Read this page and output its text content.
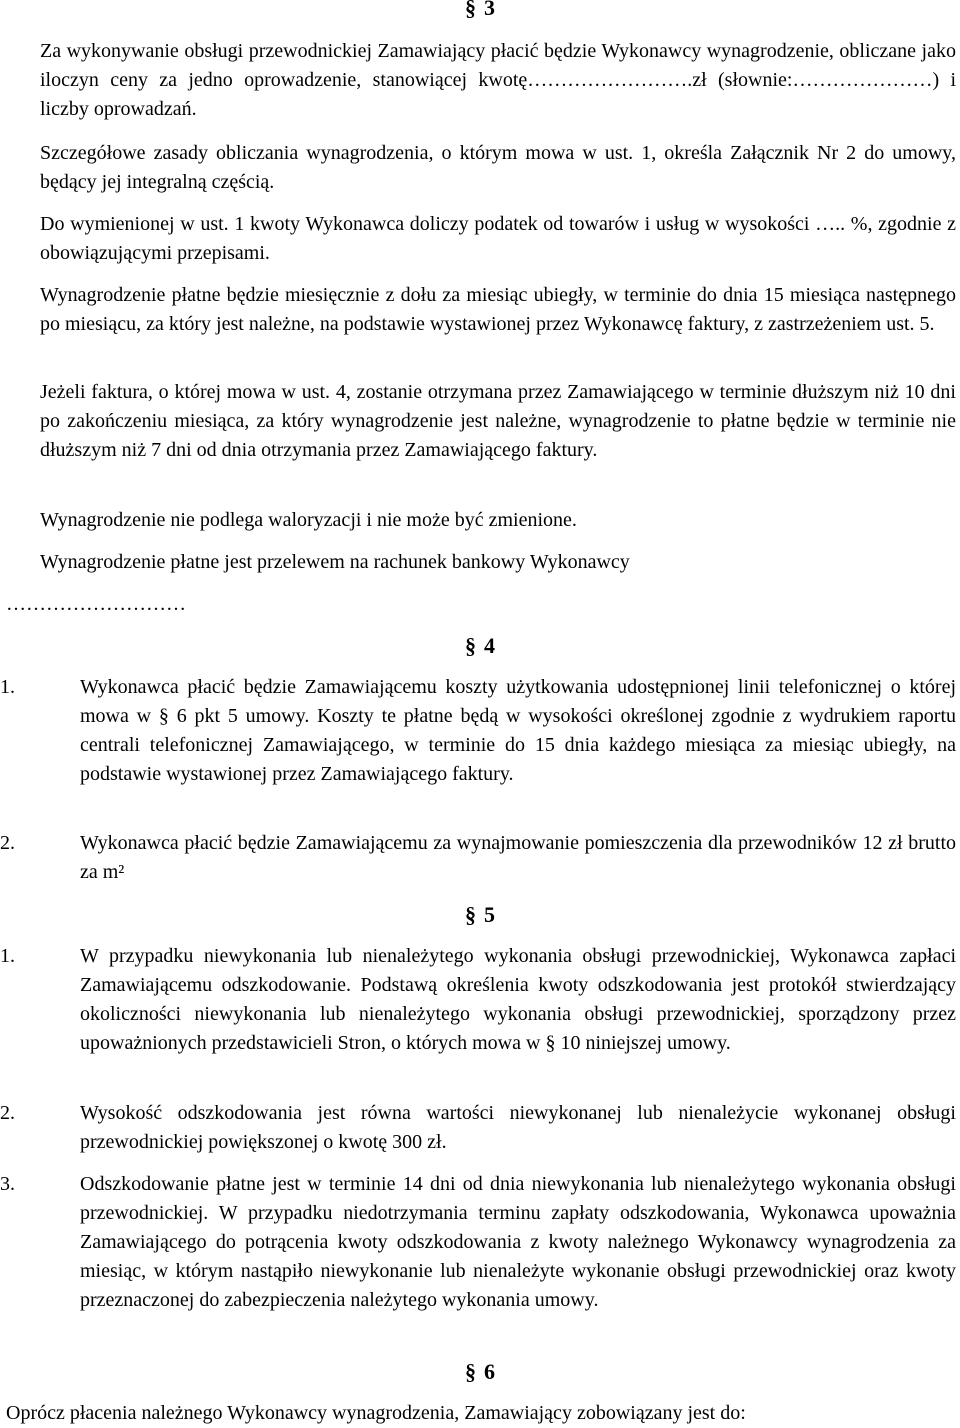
§ 3

Za wykonywanie obsługi przewodnickiej Zamawiający płacić będzie Wykonawcy wynagrodzenie, obliczane jako iloczyn ceny za jedno oprowadzenie, stanowiącej kwotę…………………….zł (słownie:…………………) i liczby oprowadzań.

Szczegółowe zasady obliczania wynagrodzenia, o którym mowa w ust. 1, określa Załącznik Nr 2 do umowy, będący jej integralną częścią.

Do wymienionej w ust. 1 kwoty Wykonawca doliczy podatek od towarów i usług w wysokości ….. %, zgodnie z obowiązującymi przepisami.

Wynagrodzenie płatne będzie miesięcznie z dołu za miesiąc ubiegły, w terminie do dnia 15 miesiąca następnego po miesiącu, za który jest należne, na podstawie wystawionej przez Wykonawcę faktury, z zastrzeżeniem ust. 5.

Jeżeli faktura, o której mowa w ust. 4, zostanie otrzymana przez Zamawiającego w terminie dłuższym niż 10 dni po zakończeniu miesiąca, za który wynagrodzenie jest należne, wynagrodzenie to płatne będzie w terminie nie dłuższym niż 7 dni od dnia otrzymania przez Zamawiającego faktury.

Wynagrodzenie nie podlega waloryzacji i nie może być zmienione.

Wynagrodzenie płatne jest przelewem na rachunek bankowy Wykonawcy

………………………

§ 4

1.	Wykonawca płacić będzie Zamawiającemu koszty użytkowania udostępnionej linii telefonicznej o której mowa w § 6 pkt 5 umowy. Koszty te płatne będą w wysokości określonej zgodnie z wydrukiem raportu centrali telefonicznej Zamawiającego, w terminie do 15 dnia każdego miesiąca za miesiąc ubiegły, na podstawie wystawionej przez Zamawiającego faktury.

2.	Wykonawca płacić będzie Zamawiającemu za wynajmowanie pomieszczenia dla przewodników 12 zł brutto za m²

§ 5

1.	W przypadku niewykonania lub nienależytego wykonania obsługi przewodnickiej, Wykonawca zapłaci Zamawiającemu odszkodowanie. Podstawą określenia kwoty odszkodowania jest protokół stwierdzający okoliczności niewykonania lub nienależytego wykonania obsługi przewodnickiej, sporządzony przez upoważnionych przedstawicieli Stron, o których mowa w § 10 niniejszej umowy.

2.	Wysokość odszkodowania jest równa wartości niewykonanej lub nienależycie wykonanej obsługi przewodnickiej powiększonej o kwotę 300 zł.

3.	Odszkodowanie płatne jest w terminie 14 dni od dnia niewykonania lub nienależytego wykonania obsługi przewodnickiej. W przypadku niedotrzymania terminu zapłaty odszkodowania, Wykonawca upoważnia Zamawiającego do potrącenia kwoty odszkodowania z kwoty należnego Wykonawcy wynagrodzenia za miesiąc, w którym nastąpiło niewykonanie lub nienależyte wykonanie obsługi przewodnickiej oraz kwoty przeznaczonej do zabezpieczenia należytego wykonania umowy.

§ 6

Oprócz płacenia należnego Wykonawcy wynagrodzenia, Zamawiający zobowiązany jest do:
